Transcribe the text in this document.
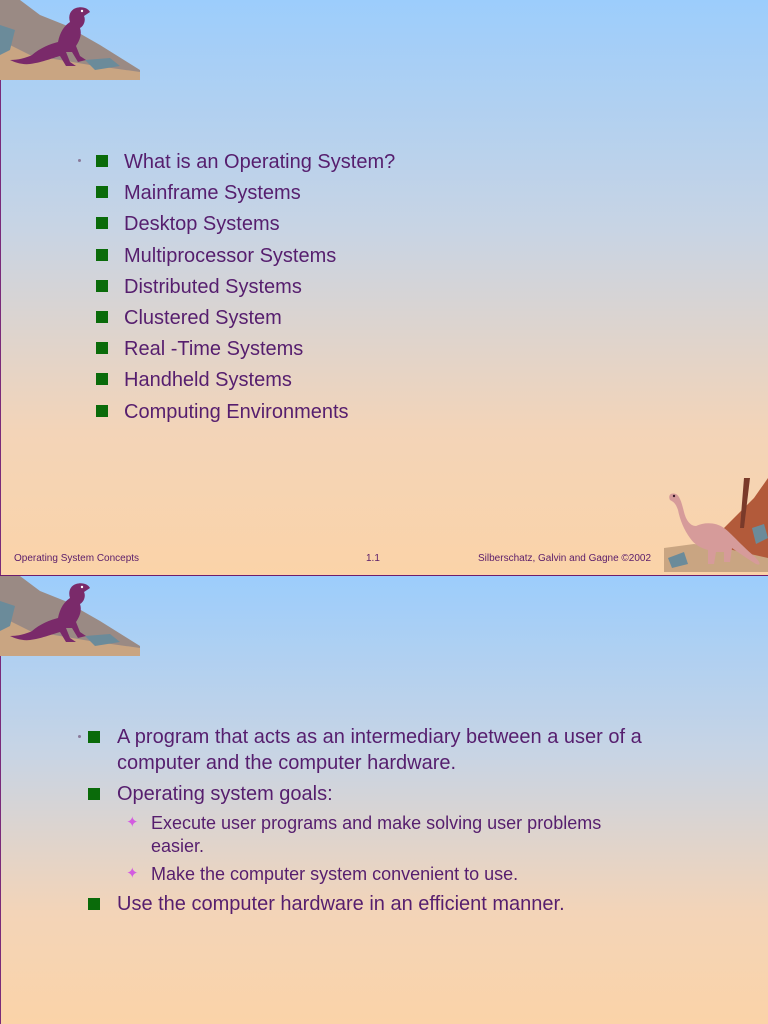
What is an Operating System?
Mainframe Systems
Desktop Systems
Multiprocessor Systems
Distributed Systems
Clustered System
Real -Time Systems
Handheld Systems
Computing Environments
Operating System Concepts	1.1	Silberschatz, Galvin and Gagne ©2002
A program that acts as an intermediary between a user of a computer and the computer hardware.
Operating system goals:
✦ Execute user programs and make solving user problems easier.
✦ Make the computer system convenient to use.
Use the computer hardware in an efficient manner.
